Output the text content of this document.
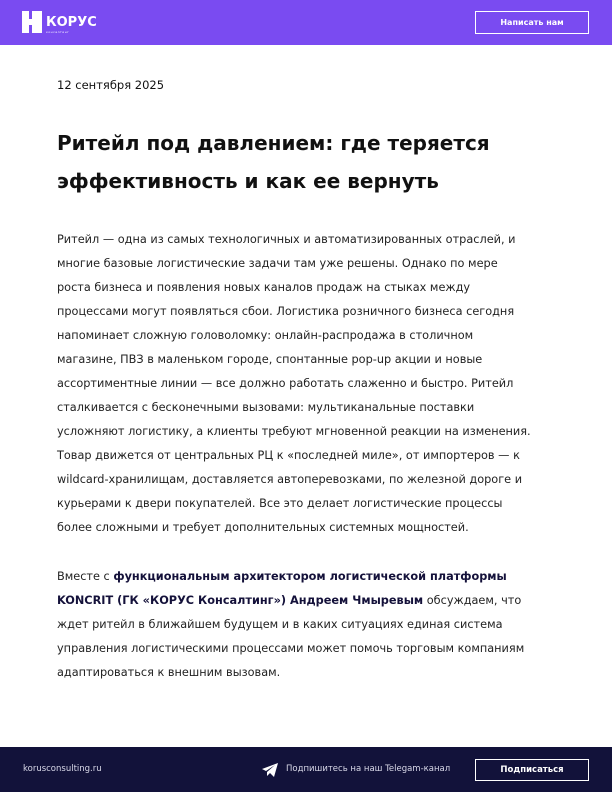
КОРУС
консалтинг
Написать нам
12 сентября 2025
Ритейл под давлением: где теряется
эффективность и как ее вернуть
Ритейл — одна из самых технологичных и автоматизированных отраслей, и
многие базовые логистические задачи там уже решены. Однако по мере
роста бизнеса и появления новых каналов продаж на стыках между
процессами могут появляться сбои. Логистика розничного бизнеса сегодня
напоминает сложную головоломку: онлайн-распродажа в столичном
магазине, ПВЗ в маленьком городе, спонтанные pop-up акции и новые
ассортиментные линии — все должно работать слаженно и быстро. Ритейл
сталкивается с бесконечными вызовами: мультиканальные поставки
усложняют логистику, а клиенты требуют мгновенной реакции на изменения.
Товар движется от центральных РЦ к «последней миле», от импортеров — к
wildcard-хранилищам, доставляется автоперевозками, по железной дороге и
курьерами к двери покупателей. Все это делает логистические процессы
более сложными и требует дополнительных системных мощностей.
Вместе с функциональным архитектором логистической платформы
KONCRIT (ГК «КОРУС Консалтинг») Андреем Чмыревым обсуждаем, что
ждет ритейл в ближайшем будущем и в каких ситуациях единая система
управления логистическими процессами может помочь торговым компаниям
адаптироваться к внешним вызовам.
korusconsulting.ru	Подпишитесь на наш Telegam-канал	Подписаться
